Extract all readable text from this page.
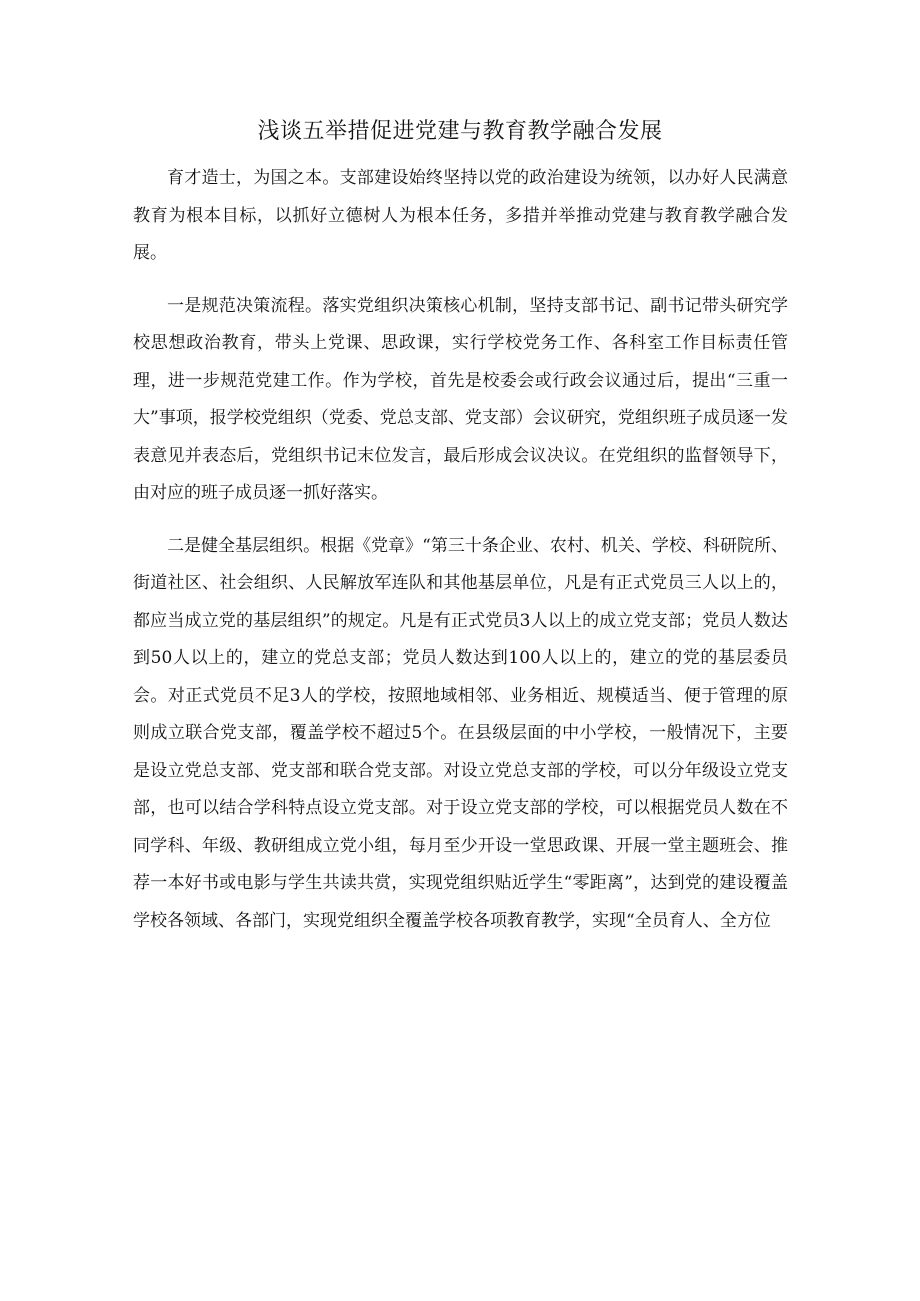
浅谈五举措促进党建与教育教学融合发展

育才造士，为国之本。支部建设始终坚持以党的政治建设为统领，以办好人民满意教育为根本目标，以抓好立德树人为根本任务，多措并举推动党建与教育教学融合发展。

一是规范决策流程。落实党组织决策核心机制，坚持支部书记、副书记带头研究学校思想政治教育，带头上党课、思政课，实行学校党务工作、各科室工作目标责任管理，进一步规范党建工作。作为学校，首先是校委会或行政会议通过后，提出“三重一大”事项，报学校党组织（党委、党总支部、党支部）会议研究，党组织班子成员逐一发表意见并表态后，党组织书记末位发言，最后形成会议决议。在党组织的监督领导下，由对应的班子成员逐一抓好落实。

二是健全基层组织。根据《党章》“第三十条企业、农村、机关、学校、科研院所、街道社区、社会组织、人民解放军连队和其他基层单位，凡是有正式党员三人以上的，都应当成立党的基层组织”的规定。凡是有正式党员3人以上的成立党支部；党员人数达到50人以上的，建立的党总支部；党员人数达到100人以上的，建立的党的基层委员会。对正式党员不足3人的学校，按照地域相邻、业务相近、规模适当、便于管理的原则成立联合党支部，覆盖学校不超过5个。在县级层面的中小学校，一般情况下，主要是设立党总支部、党支部和联合党支部。对设立党总支部的学校，可以分年级设立党支部，也可以结合学科特点设立党支部。对于设立党支部的学校，可以根据党员人数在不同学科、年级、教研组成立党小组，每月至少开设一堂思政课、开展一堂主题班会、推荐一本好书或电影与学生共读共赏，实现党组织贴近学生“零距离”，达到党的建设覆盖学校各领域、各部门，实现党组织全覆盖学校各项教育教学，实现“全员育人、全方位
